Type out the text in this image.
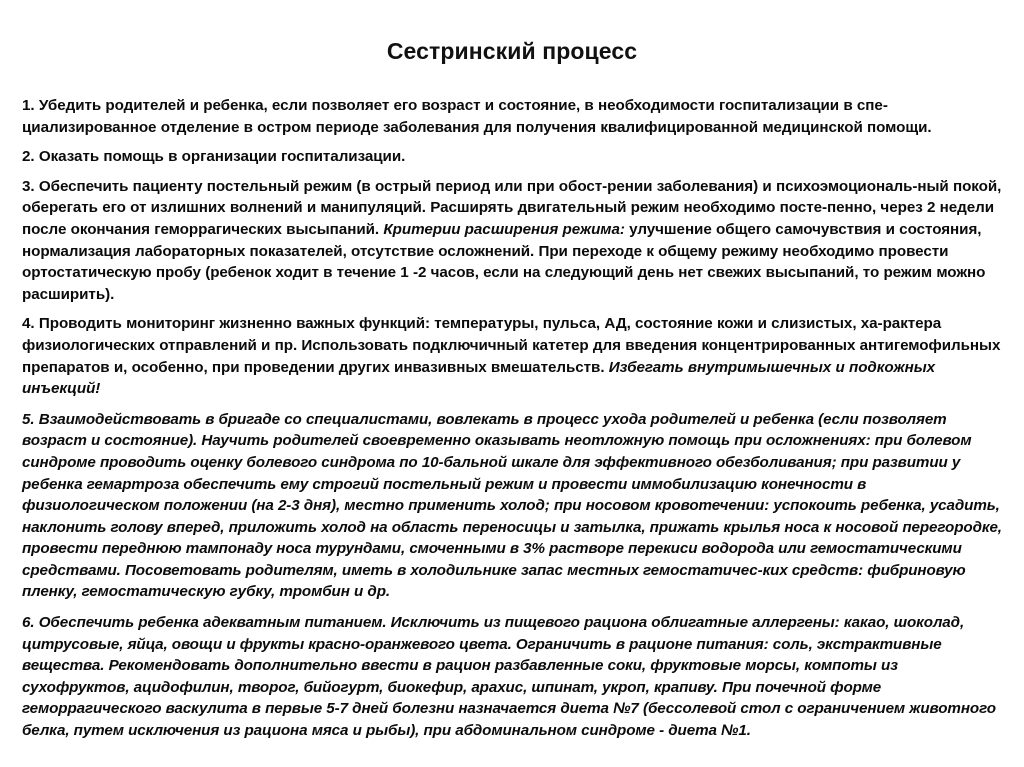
Сестринский процесс

1. Убедить родителей и ребенка, если позволяет его возраст и состояние, в необходимости госпитализации в спе-циализированное отделение в остром периоде заболевания для получения квалифицированной медицинской помощи.

2. Оказать помощь в организации госпитализации.

3. Обеспечить пациенту постельный режим (в острый период или при обост-рении заболевания) и психоэмоциональ-ный покой, оберегать его от излишних волнений и манипуляций. Расширять двигательный режим необходимо посте-пенно, через 2 недели после окончания геморрагических высыпаний. Критерии расширения режима: улучшение общего самочувствия и состояния, нормализация лабораторных показателей, отсутствие осложнений. При переходе к общему режиму необходимо провести ортостатическую пробу (ребенок ходит в течение 1 -2 часов, если на следующий день нет свежих высыпаний, то режим можно расширить).

4. Проводить мониторинг жизненно важных функций: температуры, пульса, АД, состояние кожи и слизистых, ха-рактера физиологических отправлений и пр. Использовать подключичный катетер для введения концентрированных антигемофильных препаратов и, особенно, при проведении других инвазивных вмешательств. Избегать внутримышечных и подкожных инъекций!

5. Взаимодействовать в бригаде со специалистами, вовлекать в процесс ухода родителей и ребенка (если позволяет возраст и состояние). Научить родителей своевременно оказывать неотложную помощь при осложнениях: при болевом синдроме проводить оценку болевого синдрома по 10-бальной шкале для эффективного обезболивания; при развитии у ребенка гемартроза обеспечить ему строгий постельный режим и провести иммобилизацию конечности в физиологическом положении (на 2-3 дня), местно применить холод; при носовом кровотечении: успокоить ребенка, усадить, наклонить голову вперед, приложить холод на область переносицы и затылка, прижать крылья носа к носовой перегородке, провести переднюю тампонаду носа турундами, смоченными в 3% растворе перекиси водорода или гемостатическими средствами. Посоветовать родителям, иметь в холодильнике запас местных гемостатичес-ких средств: фибриновую пленку, гемостатическую губку, тромбин и др.

6. Обеспечить ребенка адекватным питанием. Исключить из пищевого рациона облигатные аллергены: какао, шоколад, цитрусовые, яйца, овощи и фрукты красно-оранжевого цвета. Ограничить в рационе питания: соль, экстрактивные вещества. Рекомендовать дополнительно ввести в рацион разбавленные соки, фруктовые морсы, компоты из сухофруктов, ацидофилин, творог, бийогурт, биокефир, арахис, шпинат, укроп, крапиву. При почечной форме геморрагического васкулита в первые 5-7 дней болезни назначается диета №7 (бессолевой стол с ограничением животного белка, путем исключения из рациона мяса и рыбы), при абдоминальном синдроме - диета №1.
